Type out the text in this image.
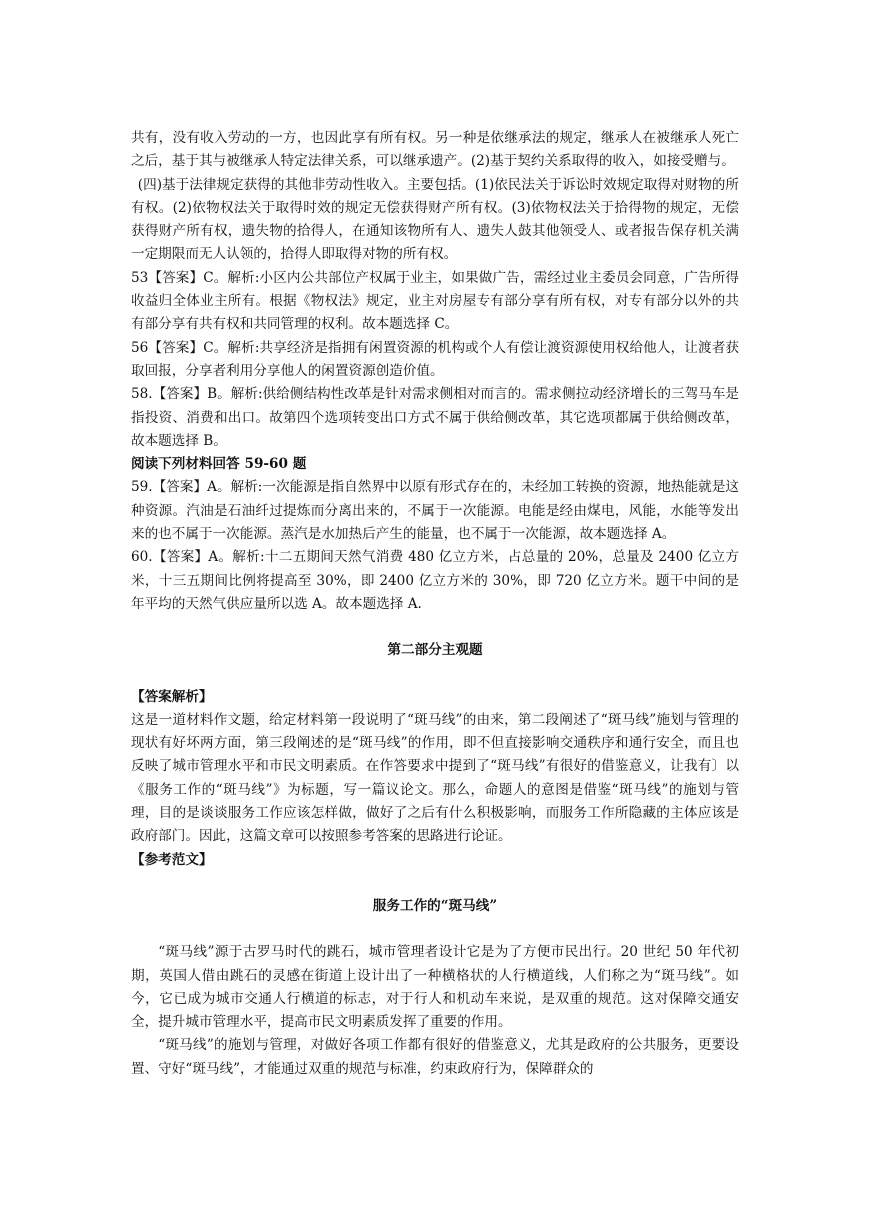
共有，没有收入劳动的一方，也因此享有所有权。另一种是依继承法的规定，继承人在被继承人死亡之后，基于其与被继承人特定法律关系，可以继承遗产。(2)基于契约关系取得的收入，如接受赠与。

(四)基于法律规定获得的其他非劳动性收入。主要包括。(1)依民法关于诉讼时效规定取得对财物的所有权。(2)依物权法关于取得时效的规定无偿获得财产所有权。(3)依物权法关于拾得物的规定，无偿获得财产所有权，遗失物的拾得人，在通知该物所有人、遗失人鼓其他领受人、或者报告保存机关满一定期限而无人认领的，拾得人即取得对物的所有权。

53【答案】C。解析:小区内公共部位产权属于业主，如果做广告，需经过业主委员会同意，广告所得收益归全体业主所有。根据《物权法》规定，业主对房屋专有部分享有所有权，对专有部分以外的共有部分享有共有权和共同管理的权利。故本题选择 C。

56【答案】C。解析:共享经济是指拥有闲置资源的机构或个人有偿让渡资源使用权给他人，让渡者获取回报，分享者利用分享他人的闲置资源创造价值。

58.【答案】B。解析:供给侧结构性改革是针对需求侧相对而言的。需求侧拉动经济增长的三驾马车是指投资、消费和出口。故第四个选项转变出口方式不属于供给侧改革，其它选项都属于供给侧改革，故本题选择 B。

阅读下列材料回答 59-60 题

59.【答案】A。解析:一次能源是指自然界中以原有形式存在的，未经加工转换的资源，地热能就是这种资源。汽油是石油纤过提炼而分离出来的，不属于一次能源。电能是经由煤电，风能，水能等发出来的也不属于一次能源。蒸汽是水加热后产生的能量，也不属于一次能源，故本题选择 A。

60.【答案】A。解析:十二五期间天然气消费 480 亿立方米，占总量的 20%，总量及 2400 亿立方米，十三五期间比例将提高至 30%，即 2400 亿立方米的 30%，即 720 亿立方米。题干中间的是年平均的天然气供应量所以选 A。故本题选择 A.

第二部分主观题

【答案解析】

这是一道材料作文题，给定材料第一段说明了“斑马线”的由来，第二段阐述了“斑马线”施划与管理的现状有好坏两方面，第三段阐述的是“斑马线”的作用，即不但直接影响交通秩序和通行安全，而且也反映了城市管理水平和市民文明素质。在作答要求中提到了“斑马线”有很好的借鉴意义，让我有〕以《服务工作的“斑马线”》为标题，写一篇议论文。那么，命题人的意图是借鉴“斑马线”的施划与管理，目的是谈谈服务工作应该怎样做，做好了之后有什么积极影响，而服务工作所隐藏的主体应该是政府部门。因此，这篇文章可以按照参考答案的思路进行论证。

【参考范文】

服务工作的“斑马线”

“斑马线”源于古罗马时代的跳石，城市管理者设计它是为了方便市民出行。20 世纪 50 年代初期，英国人借由跳石的灵感在街道上设计出了一种横格状的人行横道线，人们称之为“斑马线”。如今，它已成为城市交通人行横道的标志，对于行人和机动车来说，是双重的规范。这对保障交通安全，提升城市管理水平，提高市民文明素质发挥了重要的作用。

“斑马线”的施划与管理，对做好各项工作都有很好的借鉴意义，尤其是政府的公共服务，更要设置、守好“斑马线”，才能通过双重的规范与标准，约束政府行为，保障群众的
